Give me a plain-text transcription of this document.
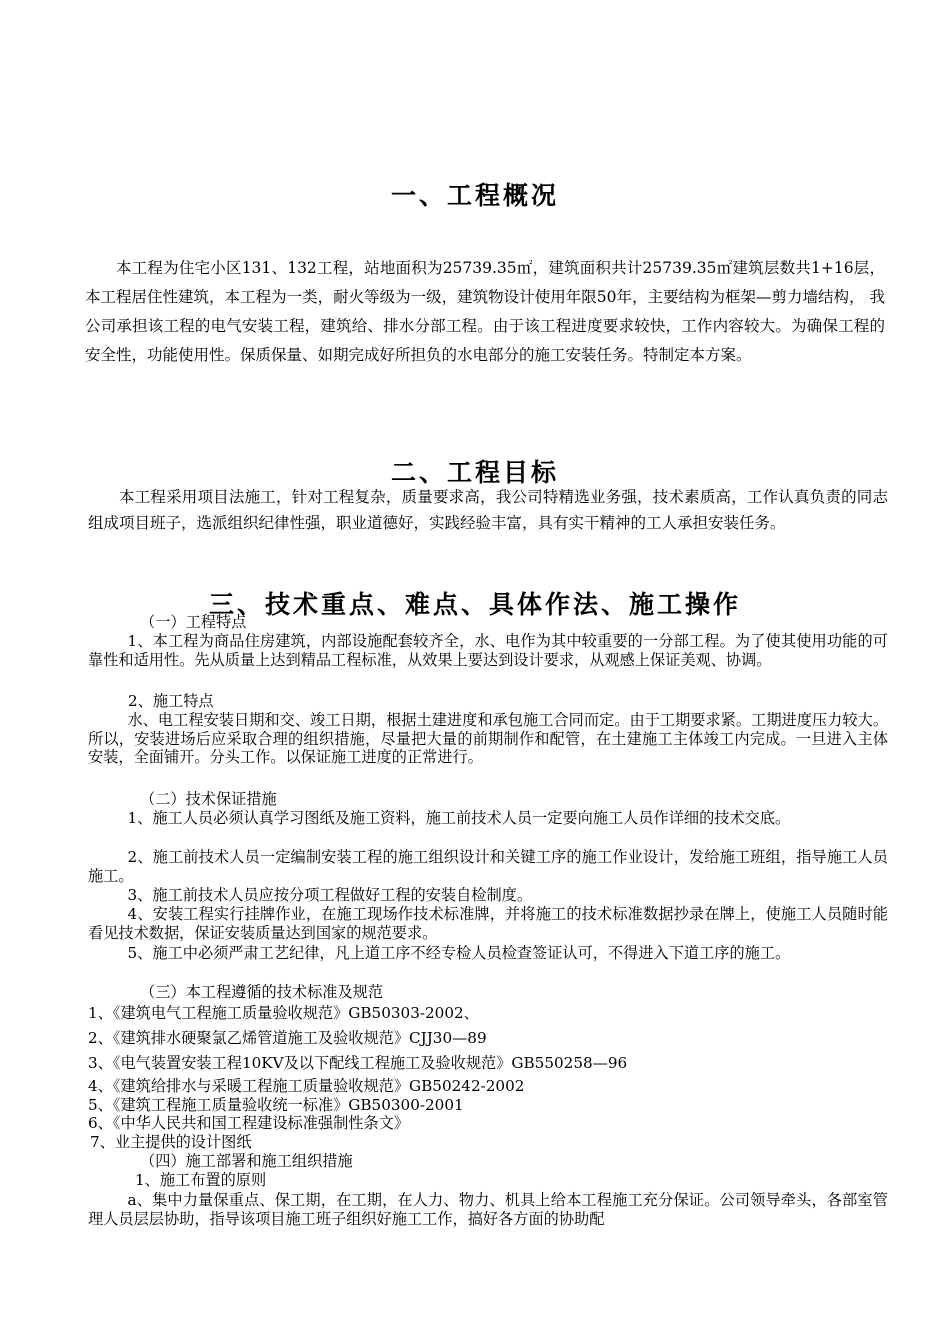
一、工程概况
本工程为住宅小区131、132工程，站地面积为25739.35㎡，建筑面积共计25739.35㎡建筑层数共1+16层，本工程居住性建筑，本工程为一类，耐火等级为一级，建筑物设计使用年限50年，主要结构为框架—剪力墙结构， 我公司承担该工程的电气安装工程，建筑给、排水分部工程。由于该工程进度要求较快，工作内容较大。为确保工程的安全性，功能使用性。保质保量、如期完成好所担负的水电部分的施工安装任务。特制定本方案。
二、工程目标
本工程采用项目法施工，针对工程复杂，质量要求高，我公司特精选业务强，技术素质高，工作认真负责的同志组成项目班子，选派组织纪律性强，职业道德好，实践经验丰富，具有实干精神的工人承担安装任务。
三、技术重点、难点、具体作法、施工操作
（一）工程特点
1、本工程为商品住房建筑，内部设施配套较齐全，水、电作为其中较重要的一分部工程。为了使其使用功能的可靠性和适用性。先从质量上达到精品工程标准，从效果上要达到设计要求，从观感上保证美观、协调。
2、施工特点
水、电工程安装日期和交、竣工日期，根据土建进度和承包施工合同而定。由于工期要求紧。工期进度压力较大。所以，安装进场后应采取合理的组织措施，尽量把大量的前期制作和配管，在土建施工主体竣工内完成。一旦进入主体安装，全面铺开。分头工作。以保证施工进度的正常进行。
（二）技术保证措施
1、施工人员必须认真学习图纸及施工资料，施工前技术人员一定要向施工人员作详细的技术交底。
2、施工前技术人员一定编制安装工程的施工组织设计和关键工序的施工作业设计，发给施工班组，指导施工人员施工。
3、施工前技术人员应按分项工程做好工程的安装自检制度。
4、安装工程实行挂牌作业，在施工现场作技术标准牌，并将施工的技术标准数据抄录在牌上，使施工人员随时能看见技术数据，保证安装质量达到国家的规范要求。
5、施工中必须严肃工艺纪律，凡上道工序不经专检人员检查签证认可，不得进入下道工序的施工。
（三）本工程遵循的技术标准及规范
1、《建筑电气工程施工质量验收规范》GB50303-2002、
2、《建筑排水硬聚氯乙烯管道施工及验收规范》CJJ30—89
3、《电气装置安装工程10KV及以下配线工程施工及验收规范》GB550258—96
4、《建筑给排水与采暖工程施工质量验收规范》GB50242-2002
5、《建筑工程施工质量验收统一标准》GB50300-2001
6、《中华人民共和国工程建设标准强制性条文》
7、业主提供的设计图纸
（四）施工部署和施工组织措施
1、施工布置的原则
a、集中力量保重点、保工期，在工期，在人力、物力、机具上给本工程施工充分保证。公司领导牵头，各部室管理人员层层协助，指导该项目施工班子组织好施工工作，搞好各方面的协助配
